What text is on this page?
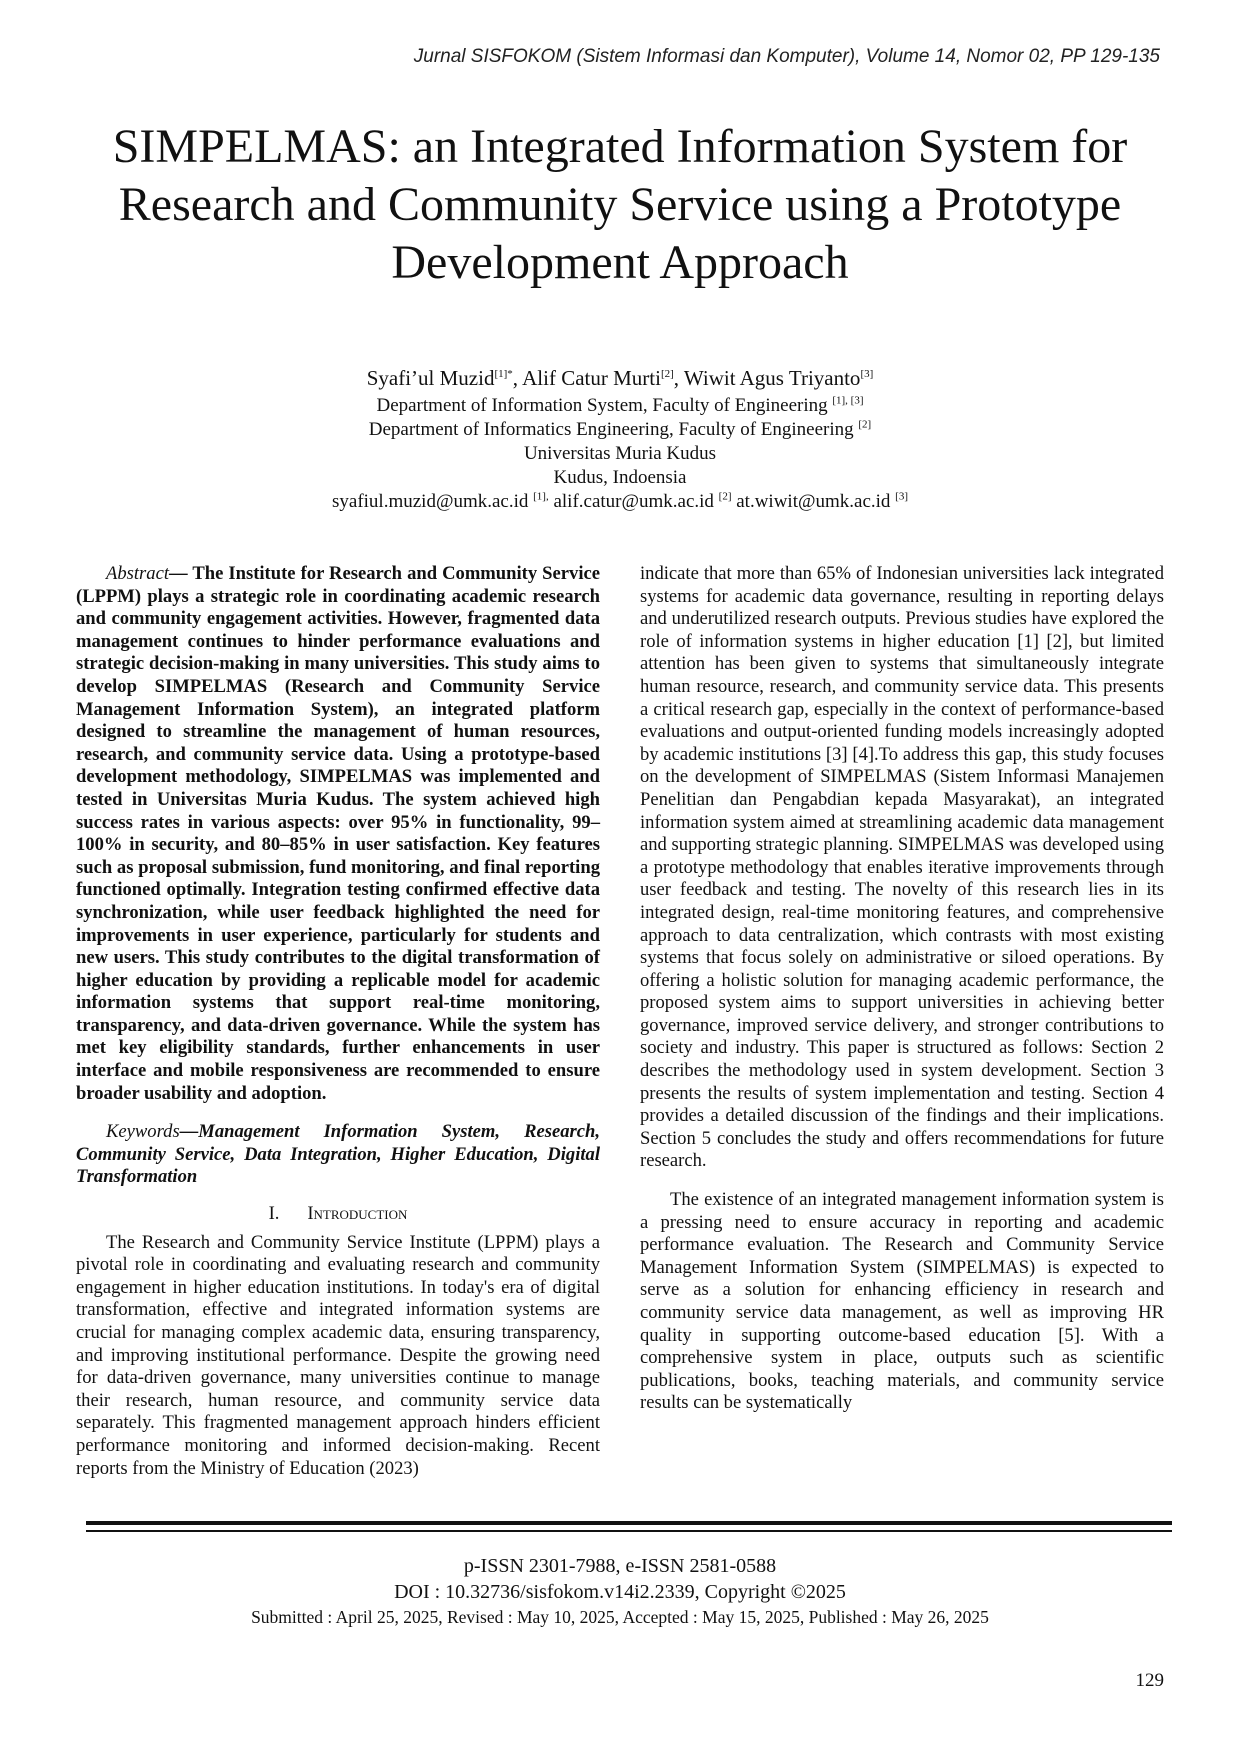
Jurnal SISFOKOM (Sistem Informasi dan Komputer), Volume 14, Nomor 02, PP 129-135
SIMPELMAS: an Integrated Information System for
Research and Community Service using a Prototype
Development Approach
Syafi’ul Muzid$^{[1]*}$, Alif Catur Murti[2], Wiwit Agus Triyanto[3]
Department of Information System, Faculty of Engineering [1], [3]
Department of Informatics Engineering, Faculty of Engineering [2]
Universitas Muria Kudus
Kudus, Indoensia
syafiul.muzid@umk.ac.id $^{[1],}$ alif.catur@umk.ac.id [2] at.wiwit@umk.ac.id [3]

Abstract— The Institute for Research and Community Service (LPPM) plays a strategic role in coordinating academic research and community engagement activities. However, fragmented data management continues to hinder performance evaluations and strategic decision-making in many universities. This study aims to develop SIMPELMAS (Research and Community Service Management Information System), an integrated platform designed to streamline the management of human resources, research, and community service data. Using a prototype-based development methodology, SIMPELMAS was implemented and tested in Universitas Muria Kudus. The system achieved high success rates in various aspects: over 95% in functionality, 99–100% in security, and 80–85% in user satisfaction. Key features such as proposal submission, fund monitoring, and final reporting functioned optimally. Integration testing confirmed effective data synchronization, while user feedback highlighted the need for improvements in user experience, particularly for students and new users. This study contributes to the digital transformation of higher education by providing a replicable model for academic information systems that support real-time monitoring, transparency, and data-driven governance. While the system has met key eligibility standards, further enhancements in user interface and mobile responsiveness are recommended to ensure broader usability and adoption.

Keywords—Management Information System, Research, Community Service, Data Integration, Higher Education, Digital Transformation

I. Introduction

The Research and Community Service Institute (LPPM) plays a pivotal role in coordinating and evaluating research and community engagement in higher education institutions. In today's era of digital transformation, effective and integrated information systems are crucial for managing complex academic data, ensuring transparency, and improving institutional performance. Despite the growing need for data-driven governance, many universities continue to manage their research, human resource, and community service data separately. This fragmented management approach hinders efficient performance monitoring and informed decision-making. Recent reports from the Ministry of Education (2023)

indicate that more than 65% of Indonesian universities lack integrated systems for academic data governance, resulting in reporting delays and underutilized research outputs. Previous studies have explored the role of information systems in higher education [1] [2], but limited attention has been given to systems that simultaneously integrate human resource, research, and community service data. This presents a critical research gap, especially in the context of performance-based evaluations and output-oriented funding models increasingly adopted by academic institutions [3] [4].To address this gap, this study focuses on the development of SIMPELMAS (Sistem Informasi Manajemen Penelitian dan Pengabdian kepada Masyarakat), an integrated information system aimed at streamlining academic data management and supporting strategic planning. SIMPELMAS was developed using a prototype methodology that enables iterative improvements through user feedback and testing. The novelty of this research lies in its integrated design, real-time monitoring features, and comprehensive approach to data centralization, which contrasts with most existing systems that focus solely on administrative or siloed operations. By offering a holistic solution for managing academic performance, the proposed system aims to support universities in achieving better governance, improved service delivery, and stronger contributions to society and industry. This paper is structured as follows: Section 2 describes the methodology used in system development. Section 3 presents the results of system implementation and testing. Section 4 provides a detailed discussion of the findings and their implications. Section 5 concludes the study and offers recommendations for future research.

The existence of an integrated management information system is a pressing need to ensure accuracy in reporting and academic performance evaluation. The Research and Community Service Management Information System (SIMPELMAS) is expected to serve as a solution for enhancing efficiency in research and community service data management, as well as improving HR quality in supporting outcome-based education [5]. With a comprehensive system in place, outputs such as scientific publications, books, teaching materials, and community service results can be systematically

p-ISSN 2301-7988, e-ISSN 2581-0588
DOI : 10.32736/sisfokom.v14i2.2339, Copyright ©2025
Submitted : April 25, 2025, Revised : May 10, 2025, Accepted : May 15, 2025, Published : May 26, 2025
129
